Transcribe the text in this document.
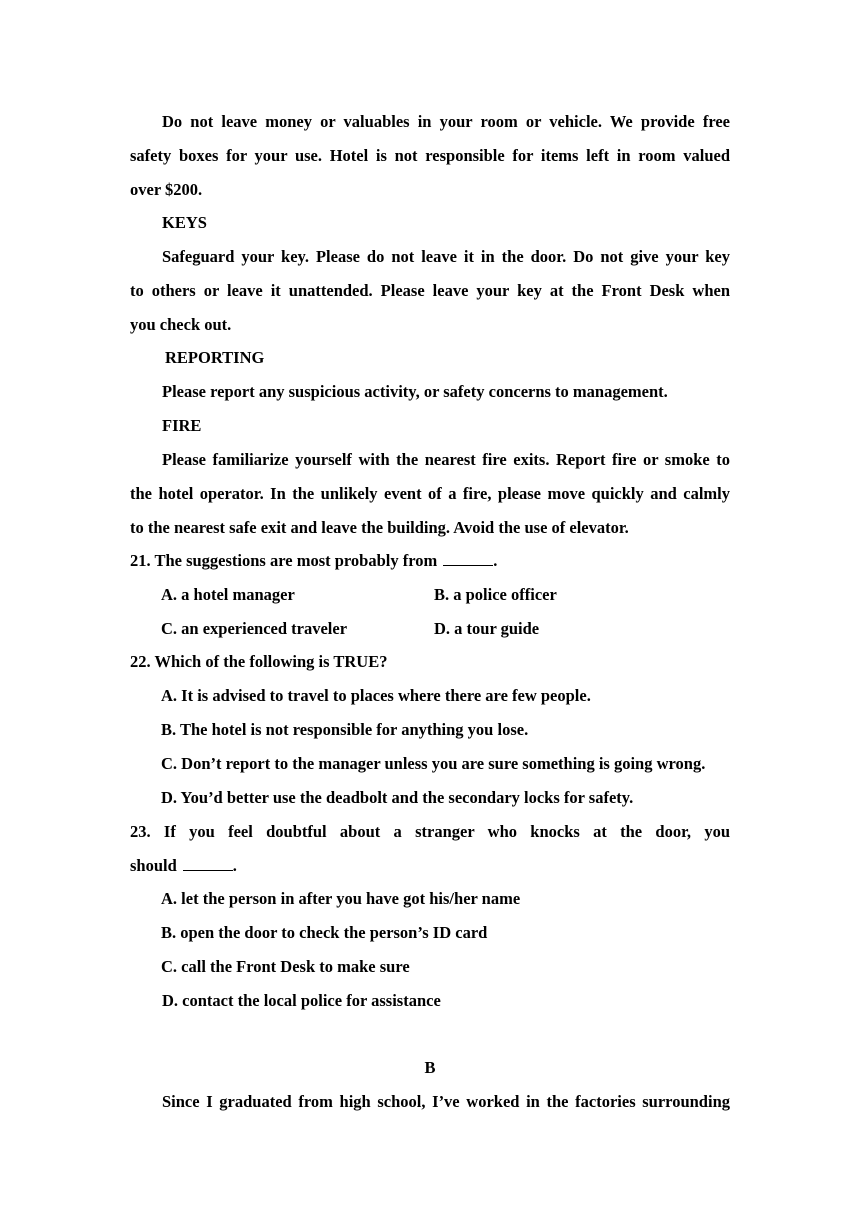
Do not leave money or valuables in your room or vehicle. We provide free
safety boxes for your use. Hotel is not responsible for items left in room valued
over $200.
KEYS
Safeguard your key. Please do not leave it in the door. Do not give your key
to others or leave it unattended. Please leave your key at the Front Desk when
you check out.
REPORTING
Please report any suspicious activity, or safety concerns to management.
FIRE
Please familiarize yourself with the nearest fire exits. Report fire or smoke to
the hotel operator. In the unlikely event of a fire, please move quickly and calmly
to the nearest safe exit and leave the building. Avoid the use of elevator.
21. The suggestions are most probably from	.
A. a hotel manager	B. a police officer
C. an experienced traveler	D. a tour guide
22. Which of the following is TRUE?
A. It is advised to travel to places where there are few people.
B. The hotel is not responsible for anything you lose.
C. Don’t report to the manager unless you are sure something is going wrong.
D. You’d better use the deadbolt and the secondary locks for safety.
23. If you feel doubtful about a stranger who knocks at the door, you
should	.
A. let the person in after you have got his/her name
B. open the door to check the person’s ID card
C. call the Front Desk to make sure
D. contact the local police for assistance
B
Since I graduated from high school, I’ve worked in the factories surrounding
